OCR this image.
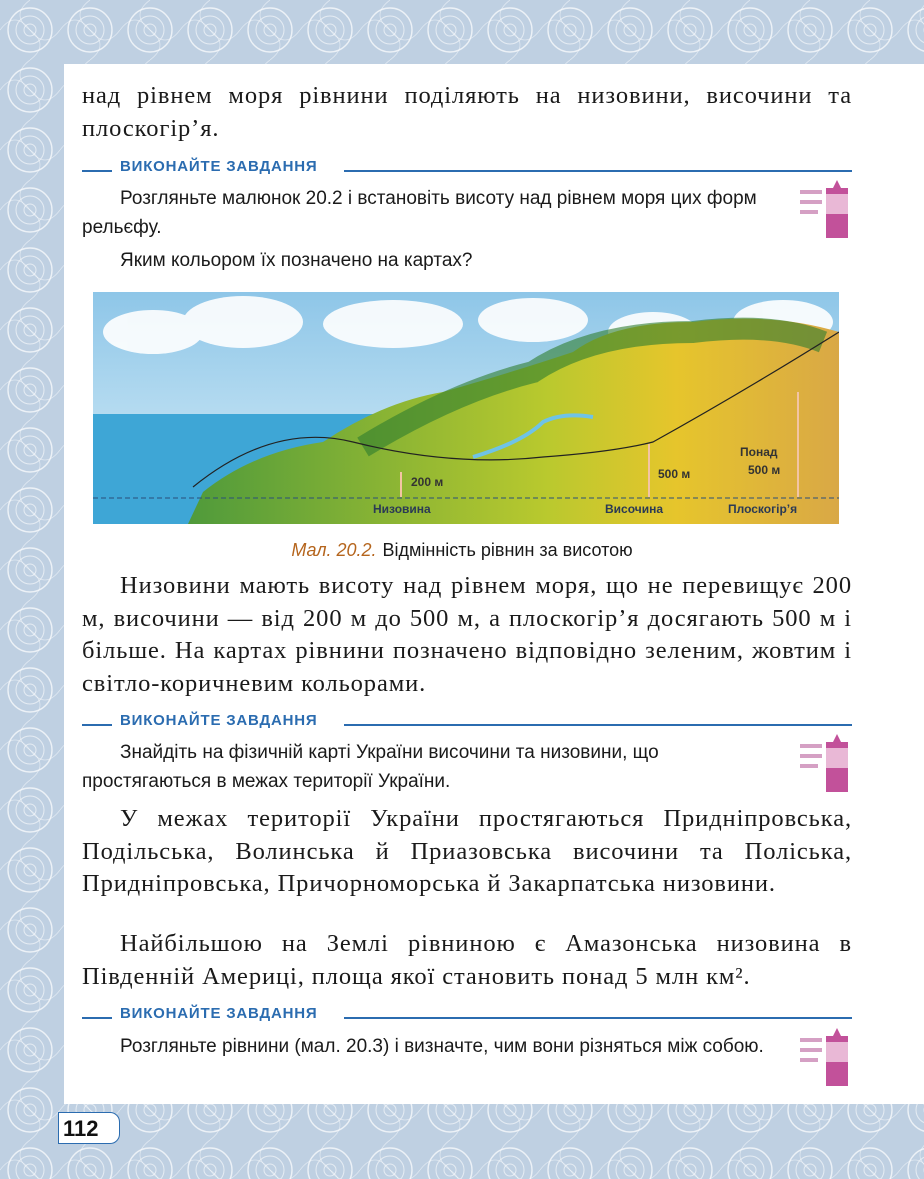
над рівнем моря рівнини поділяють на низовини, височини та плоскогір’я.
ВИКОНАЙТЕ ЗАВДАННЯ
Розгляньте малюнок 20.2 і встановіть висоту над рівнем моря цих форм рельєфу.
Яким кольором їх позначено на картах?
200 м
500 м
Понад
500 м
Низовина	Височина	Плоскогір’я
Мал. 20.2. Відмінність рівнин за висотою
Низовини мають висоту над рівнем моря, що не перевищує 200 м, височини — від 200 м до 500 м, а плоскогір’я досягають 500 м і більше. На картах рівнини позначено відповідно зеленим, жовтим і світло-коричневим кольорами.
ВИКОНАЙТЕ ЗАВДАННЯ
Знайдіть на фізичній карті України височини та низовини, що простягаються в межах території України.
У межах території України простягаються Придніпровська, Подільська, Волинська й Приазовська височини та Поліська, Придніпровська, Причорноморська й Закарпатська низовини.
Найбільшою на Землі рівниною є Амазонська низовина в Південній Америці, площа якої становить понад 5 млн км².
ВИКОНАЙТЕ ЗАВДАННЯ
Розгляньте рівнини (мал. 20.3) і визначте, чим вони різняться між собою.
112
